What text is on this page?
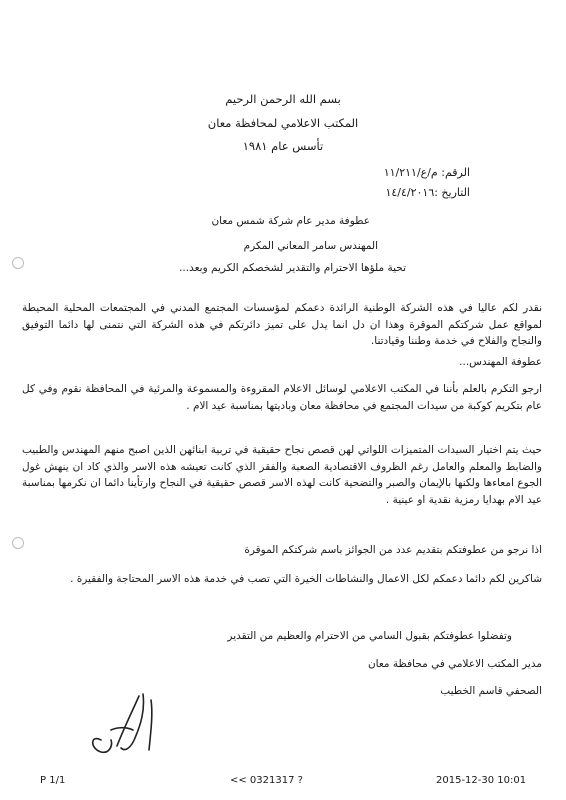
بسم الله الرحمن الرحيم
المكتب الاعلامي لمحافظة معان
تأسس عام ١٩٨١
الرقم: م/ع/١١/٢١١
التاريخ :١٤/٤/٢٠١٦
عطوفة مدير عام شركة شمس معان
المهندس سامر المعاني المكرم
تحية ملؤها الاحترام والتقدير لشخصكم الكريم وبعد...
نقدر لكم عاليا في هذه الشركة الوطنية الرائدة دعمكم لمؤسسات المجتمع المدني في المجتمعات المحلية المحيطة لمواقع عمل شركتكم الموقرة وهذا ان دل انما يدل على تميز دائرتكم في هذه الشركة التي نتمنى لها دائما التوفيق والنجاح والفلاح في خدمة وطننا وقيادتنا.
عطوفة المهندس...
ارجو التكرم بالعلم بأننا في المكتب الاعلامي لوسائل الاعلام المقروءة والمسموعة والمرئية في المحافظة نقوم وفي كل عام بتكريم كوكبة من سيدات المجتمع في محافظة معان وباديتها بمناسبة عيد الام .
حيث يتم اختيار السيدات المتميزات اللواتي لهن قصص نجاح حقيقية في تربية ابنائهن الذين اصبح منهم المهندس والطبيب والضابط والمعلم والعامل رغم الظروف الاقتصادية الصعبة والفقر الذي كانت تعيشه هذه الاسر والذي كاد ان ينهش غول الجوع امعاءها ولكنها بالإيمان والصبر والتضحية كانت لهذه الاسر قصص حقيقية في النجاح وارتأينا دائما ان نكرمها بمناسبة عيد الام بهدايا رمزية نقدية او عينية .
اذا نرجو من عطوفتكم بتقديم عدد من الجوائز باسم شركتكم الموقرة
شاكرين لكم دائما دعمكم لكل الاعمال والنشاطات الخيرة التي تصب في خدمة هذه الاسر المحتاجة والفقيرة .
وتفضلوا عطوفتكم بقبول السامي من الاحترام والعظيم من التقدير
مدير المكتب الاعلامي في محافظة معان
الصحفي قاسم الخطيب
P 1/1	<< 0321317 ?	2015-12-30 10:01
